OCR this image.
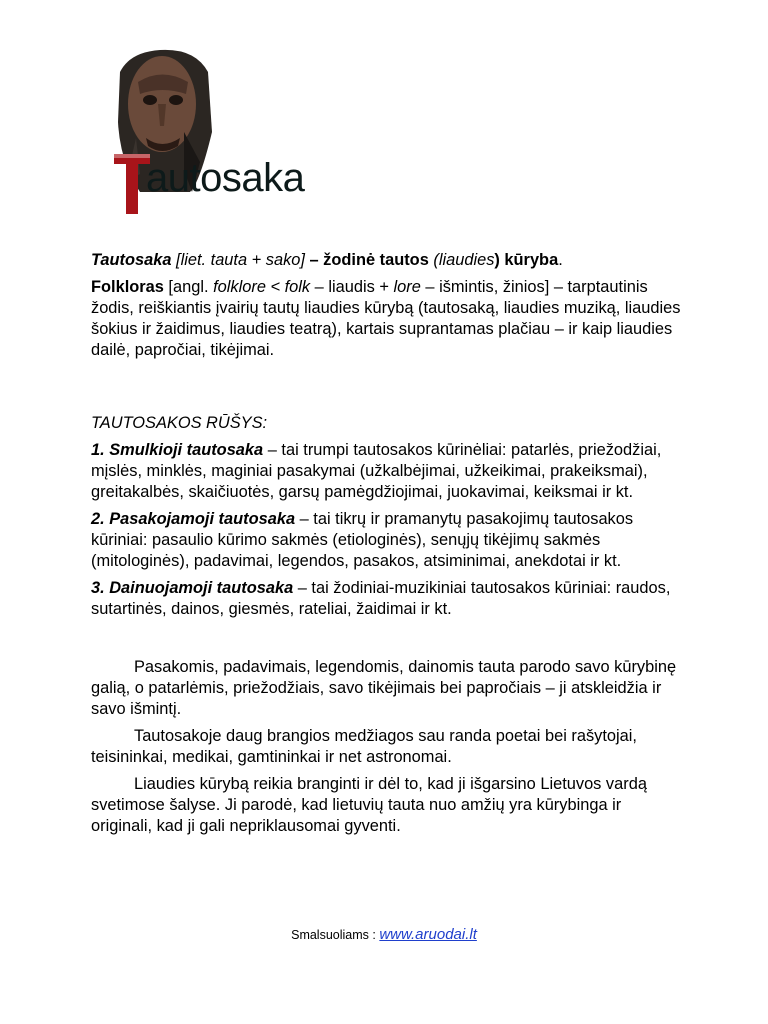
autosaka

Tautosaka [liet. tauta + sako] – žodinė tautos (liaudies) kūryba.

Folkloras [angl. folklore < folk – liaudis + lore – išmintis, žinios] – tarptautinis žodis, reiškiantis įvairių tautų liaudies kūrybą (tautosaką, liaudies muziką, liaudies šokius ir žaidimus, liaudies teatrą), kartais suprantamas plačiau – ir kaip liaudies dailė, papročiai, tikėjimai.

TAUTOSAKOS RŪŠYS:

1. Smulkioji tautosaka – tai trumpi tautosakos kūrinėliai: patarlės, priežodžiai, mįslės, minklės, maginiai pasakymai (užkalbėjimai, užkeikimai, prakeiksmai), greitakalbės, skaičiuotės, garsų pamėgdžiojimai, juokavimai, keiksmai ir kt.

2. Pasakojamoji tautosaka – tai tikrų ir pramanytų pasakojimų tautosakos kūriniai: pasaulio kūrimo sakmės (etiologinės), senųjų tikėjimų sakmės (mitologinės), padavimai, legendos, pasakos, atsiminimai, anekdotai ir kt.

3. Dainuojamoji tautosaka – tai žodiniai-muzikiniai tautosakos kūriniai: raudos, sutartinės, dainos, giesmės, rateliai, žaidimai ir kt.

Pasakomis, padavimais, legendomis, dainomis tauta parodo savo kūrybinę galią, o patarlėmis, priežodžiais, savo tikėjimais bei papročiais – ji atskleidžia ir savo išmintį.

Tautosakoje daug brangios medžiagos sau randa poetai bei rašytojai, teisininkai, medikai, gamtininkai ir net astronomai.

Liaudies kūrybą reikia branginti ir dėl to, kad ji išgarsino Lietuvos vardą svetimose šalyse. Ji parodė, kad lietuvių tauta nuo amžių yra kūrybinga ir originali, kad ji gali nepriklausomai gyventi.

Smalsuoliams : www.aruodai.lt
